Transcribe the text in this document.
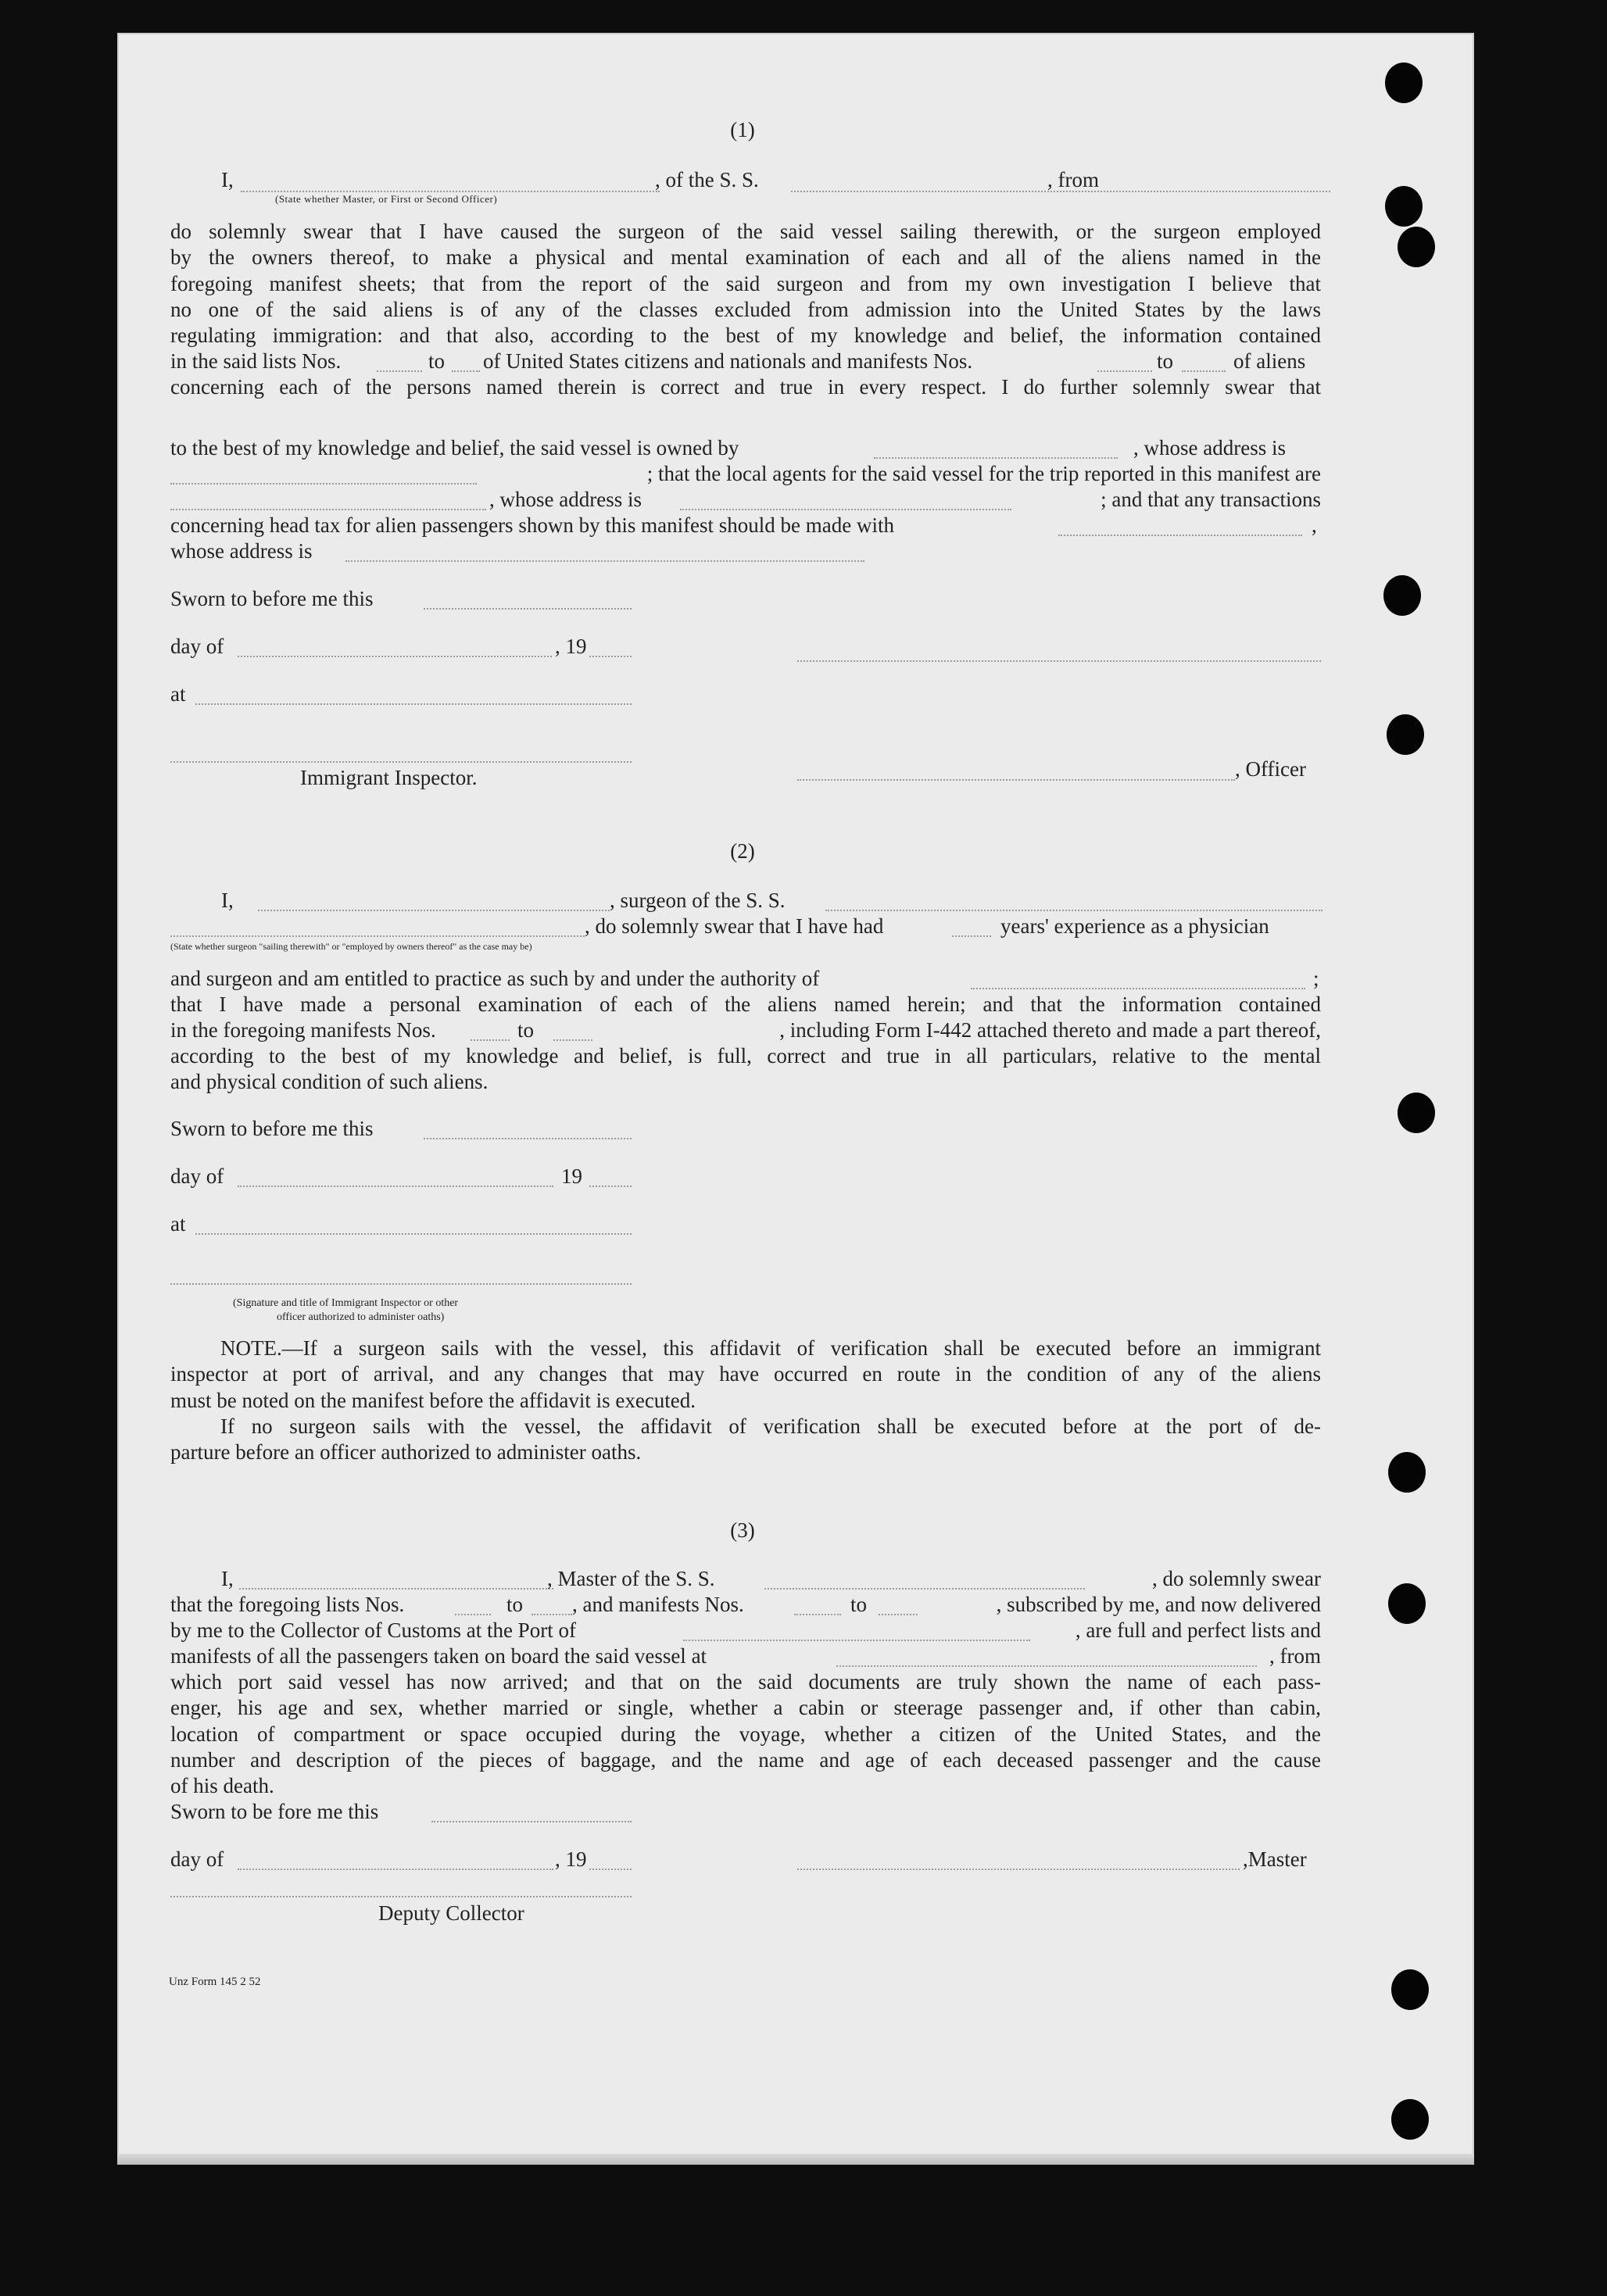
(1)
I,	, of the S. S.	, from
(State whether Master, or First or Second Officer)
do solemnly swear that I have caused the surgeon of the said vessel sailing therewith, or the surgeon employed
by the owners thereof, to make a physical and mental examination of each and all of the aliens named in the
foregoing manifest sheets; that from the report of the said surgeon and from my own investigation I believe that
no one of the said aliens is of any of the classes excluded from admission into the United States by the laws
regulating immigration: and that also, according to the best of my knowledge and belief, the information contained
in the said lists Nos.	to of United States citizens and nationals and manifests Nos.	to	of aliens
concerning each of the persons named therein is correct and true in every respect. I do further solemnly swear that
to the best of my knowledge and belief, the said vessel is owned by	, whose address is
; that the local agents for the said vessel for the trip reported in this manifest are
, whose address is	; and that any transactions
concerning head tax for alien passengers shown by this manifest should be made with	,
whose address is
Sworn to before me this
day of	, 19
at
Immigrant Inspector.	, Officer
(2)
I,	, surgeon of the S. S.
, do solemnly swear that I have had	years' experience as a physician
(State whether surgeon "sailing therewith" or "employed by owners thereof" as the case may be)
and surgeon and am entitled to practice as such by and under the authority of	;
that I have made a personal examination of each of the aliens named herein; and that the information contained
in the foregoing manifests Nos.	to	, including Form I-442 attached thereto and made a part thereof,
according to the best of my knowledge and belief, is full, correct and true in all particulars, relative to the mental
and physical condition of such aliens.
Sworn to before me this
day of	19
at
(Signature and title of Immigrant Inspector or other
officer authorized to administer oaths)
NOTE.—If a surgeon sails with the vessel, this affidavit of verification shall be executed before an immigrant
inspector at port of arrival, and any changes that may have occurred en route in the condition of any of the aliens
must be noted on the manifest before the affidavit is executed.
If no surgeon sails with the vessel, the affidavit of verification shall be executed before at the port of de-
parture before an officer authorized to administer oaths.
(3)
I,	, Master of the S. S.	, do solemnly swear
that the foregoing lists Nos.	to , and manifests Nos.	to	, subscribed by me, and now delivered
by me to the Collector of Customs at the Port of	, are full and perfect lists and
manifests of all the passengers taken on board the said vessel at	, from
which port said vessel has now arrived; and that on the said documents are truly shown the name of each pass-
enger, his age and sex, whether married or single, whether a cabin or steerage passenger and, if other than cabin,
location of compartment or space occupied during the voyage, whether a citizen of the United States, and the
number and description of the pieces of baggage, and the name and age of each deceased passenger and the cause
of his death.
Sworn to be fore me this
day of	, 19	,Master
Deputy Collector
Unz Form 145 2 52
